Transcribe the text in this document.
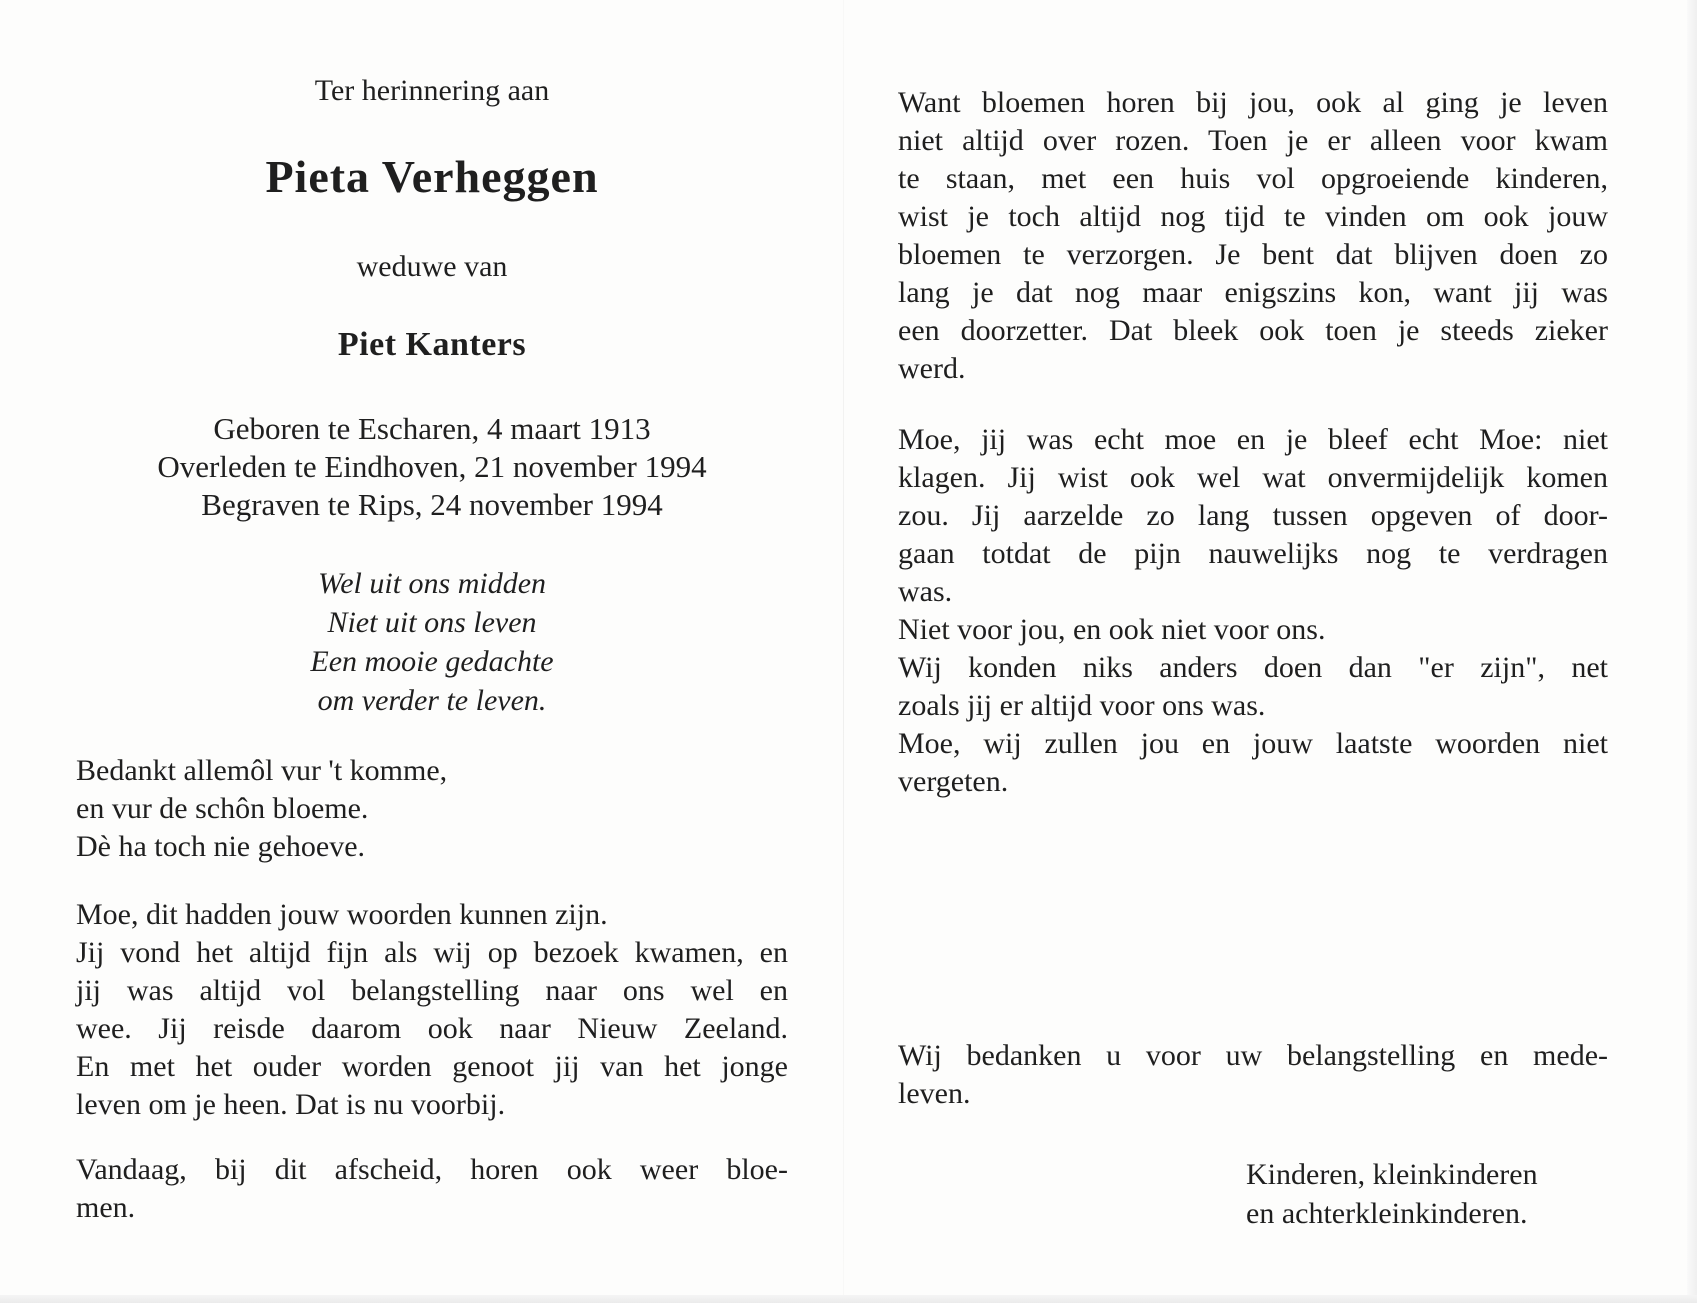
Ter herinnering aan

Pieta Verheggen

weduwe van

Piet Kanters

Geboren te Escharen, 4 maart 1913
Overleden te Eindhoven, 21 november 1994
Begraven te Rips, 24 november 1994
Wel uit ons midden
Niet uit ons leven
Een mooie gedachte
om verder te leven.
Bedankt allemôl vur 't komme,
en vur de schôn bloeme.
Dè ha toch nie gehoeve.
Moe, dit hadden jouw woorden kunnen zijn.
Jij vond het altijd fijn als wij op bezoek kwamen, en
jij was altijd vol belangstelling naar ons wel en
wee. Jij reisde daarom ook naar Nieuw Zeeland.
En met het ouder worden genoot jij van het jonge
leven om je heen. Dat is nu voorbij.
Vandaag, bij dit afscheid, horen ook weer bloe-
men.
Want bloemen horen bij jou, ook al ging je leven
niet altijd over rozen. Toen je er alleen voor kwam
te staan, met een huis vol opgroeiende kinderen,
wist je toch altijd nog tijd te vinden om ook jouw
bloemen te verzorgen. Je bent dat blijven doen zo
lang je dat nog maar enigszins kon, want jij was
een doorzetter. Dat bleek ook toen je steeds zieker
werd.
Moe, jij was echt moe en je bleef echt Moe: niet
klagen. Jij wist ook wel wat onvermijdelijk komen
zou. Jij aarzelde zo lang tussen opgeven of door-
gaan totdat de pijn nauwelijks nog te verdragen
was.
Niet voor jou, en ook niet voor ons.
Wij konden niks anders doen dan "er zijn", net
zoals jij er altijd voor ons was.
Moe, wij zullen jou en jouw laatste woorden niet
vergeten.
Wij bedanken u voor uw belangstelling en mede-
leven.
Kinderen, kleinkinderen
en achterkleinkinderen.
